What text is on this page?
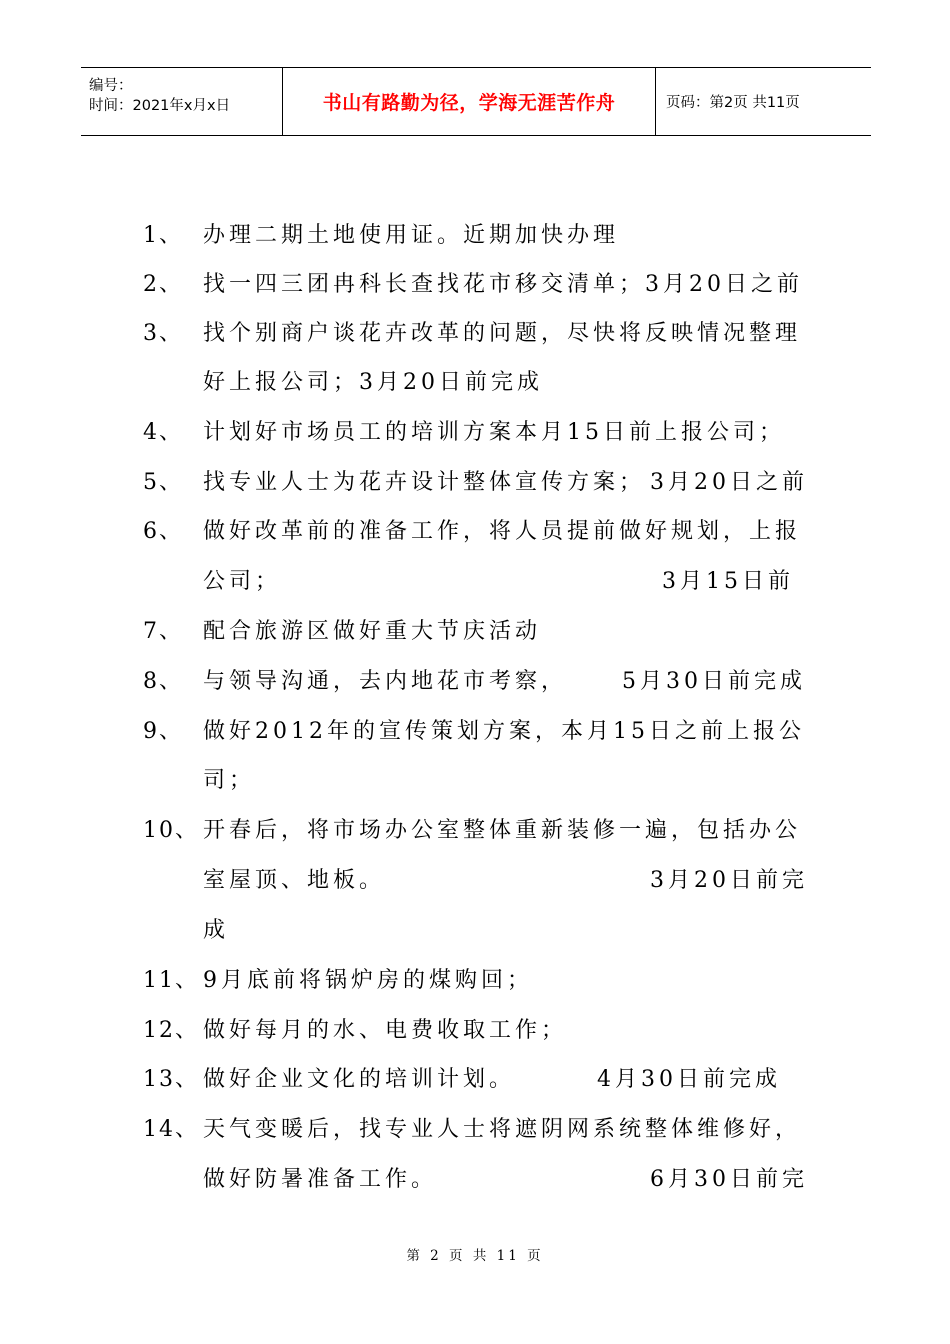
编号：
时间：2021年x月x日	书山有路勤为径，学海无涯苦作舟	页码：第2页 共11页
1、 办理二期土地使用证。近期加快办理
2、 找一四三团冉科长查找花市移交清单；3月20日之前
3、 找个别商户谈花卉改革的问题，尽快将反映情况整理
好上报公司；3月20日前完成
4、 计划好市场员工的培训方案本月15日前上报公司；
5、 找专业人士为花卉设计整体宣传方案； 3月20日之前
6、 做好改革前的准备工作，将人员提前做好规划，上报
公司；	3月15日前
7、 配合旅游区做好重大节庆活动
8、 与领导沟通，去内地花市考察， 5月30日前完成
9、 做好2012年的宣传策划方案，本月15日之前上报公
司；
10、 开春后，将市场办公室整体重新装修一遍，包括办公
室屋顶、地板。	3月20日前完
成
11、 9月底前将锅炉房的煤购回；
12、 做好每月的水、电费收取工作；
13、 做好企业文化的培训计划。	4月30日前完成
14、 天气变暖后，找专业人士将遮阴网系统整体维修好，
做好防暑准备工作。	6月30日前完
第 2 页 共 11 页
